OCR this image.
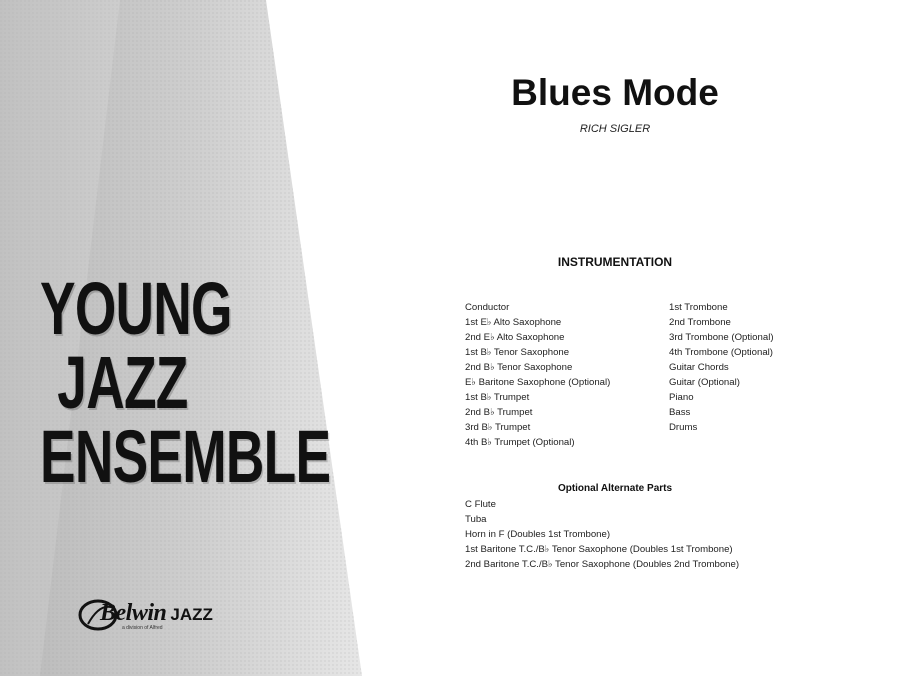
YOUNG
JAZZ
ENSEMBLE
Belwin JAZZ
a division of Alfred
Blues Mode
RICH SIGLER
INSTRUMENTATION
Conductor
1st E♭ Alto Saxophone
2nd E♭ Alto Saxophone
1st B♭ Tenor Saxophone
2nd B♭ Tenor Saxophone
E♭ Baritone Saxophone (Optional)
1st B♭ Trumpet
2nd B♭ Trumpet
3rd B♭ Trumpet
4th B♭ Trumpet (Optional)
1st Trombone
2nd Trombone
3rd Trombone (Optional)
4th Trombone (Optional)
Guitar Chords
Guitar (Optional)
Piano
Bass
Drums
Optional Alternate Parts
C Flute
Tuba
Horn in F (Doubles 1st Trombone)
1st Baritone T.C./B♭ Tenor Saxophone (Doubles 1st Trombone)
2nd Baritone T.C./B♭ Tenor Saxophone (Doubles 2nd Trombone)
